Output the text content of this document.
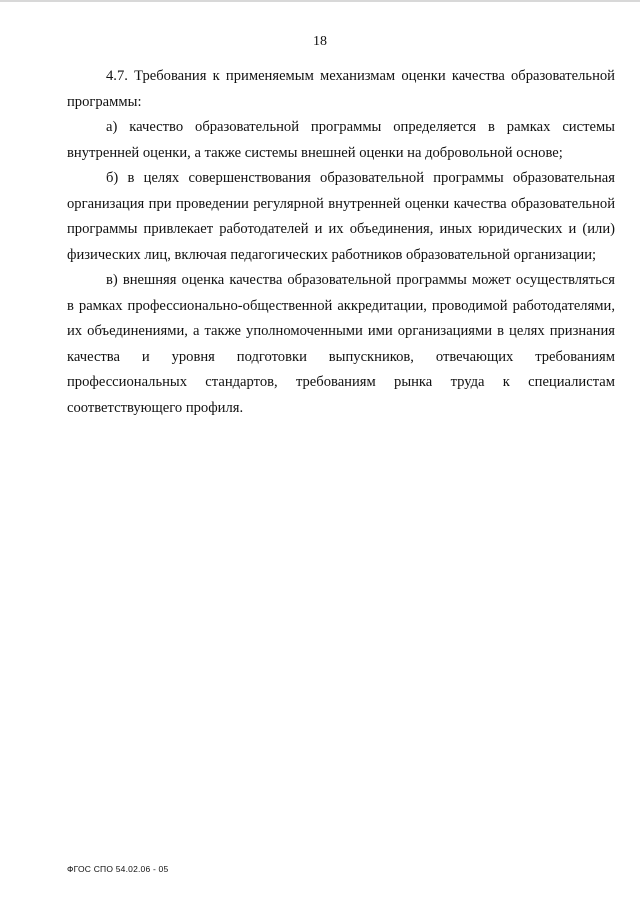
18

4.7. Требования к применяемым механизмам оценки качества образовательной программы:

а) качество образовательной программы определяется в рамках системы внутренней оценки, а также системы внешней оценки на добровольной основе;

б) в целях совершенствования образовательной программы образовательная организация при проведении регулярной внутренней оценки качества образовательной программы привлекает работодателей и их объединения, иных юридических и (или) физических лиц, включая педагогических работников образовательной организации;

в) внешняя оценка качества образовательной программы может осуществляться в рамках профессионально-общественной аккредитации, проводимой работодателями, их объединениями, а также уполномоченными ими организациями в целях признания качества и уровня подготовки выпускников, отвечающих требованиям профессиональных стандартов, требованиям рынка труда к специалистам соответствующего профиля.

ФГОС СПО 54.02.06 - 05
